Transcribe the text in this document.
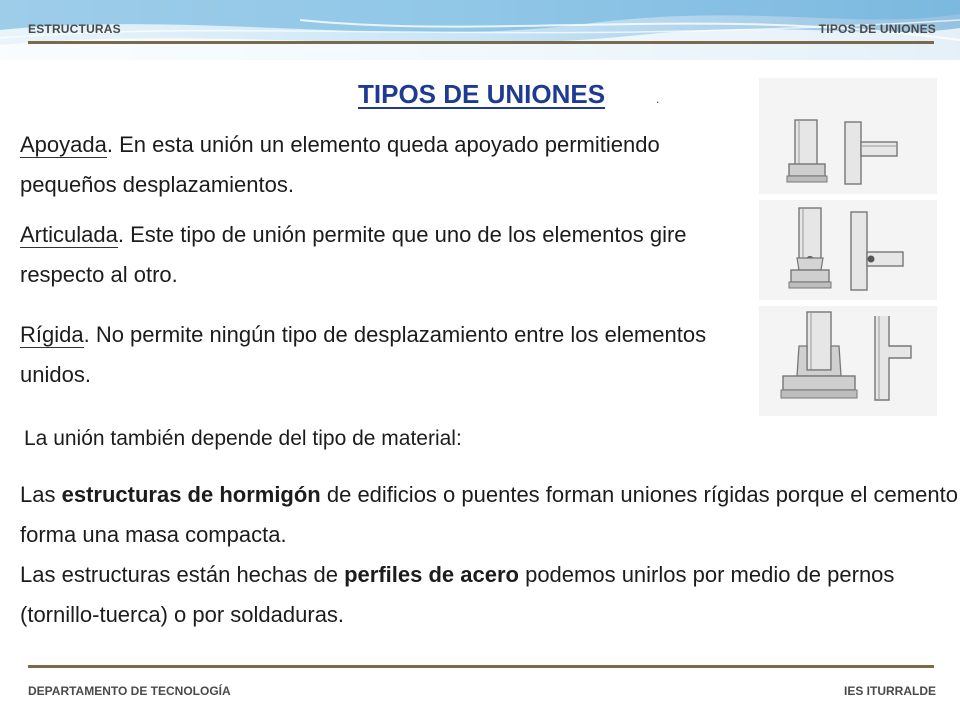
ESTRUCTURAS	TIPOS DE UNIONES
TIPOS DE UNIONES	.
Apoyada. En esta unión un elemento queda apoyado permitiendo pequeños desplazamientos.
Articulada. Este tipo de unión permite que uno de los elementos gire respecto al otro.
Rígida. No permite ningún tipo de desplazamiento entre los elementos unidos.
La unión también depende del tipo de material:
Las estructuras de hormigón de edificios o puentes forman uniones rígidas porque el cemento forma una masa compacta.
Las estructuras están hechas de perfiles de acero podemos unirlos por medio de pernos (tornillo-tuerca) o por soldaduras.
DEPARTAMENTO DE TECNOLOGÍA	IES ITURRALDE
